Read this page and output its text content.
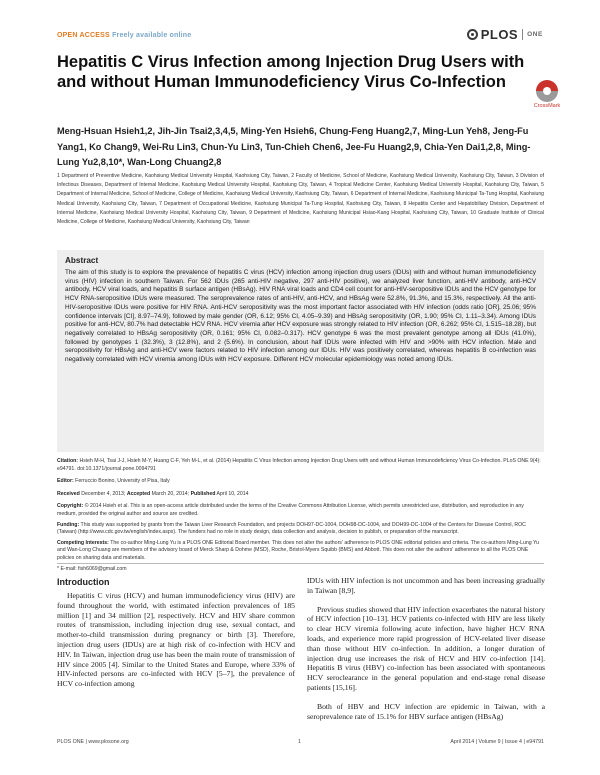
OPEN ACCESS Freely available online	PLOS ONE
Hepatitis C Virus Infection among Injection Drug Users with and without Human Immunodeficiency Virus Co-Infection
CrossMark
Meng-Hsuan Hsieh1,2, Jih-Jin Tsai2,3,4,5, Ming-Yen Hsieh6, Chung-Feng Huang2,7, Ming-Lun Yeh8, Jeng-Fu Yang1, Ko Chang9, Wei-Ru Lin3, Chun-Yu Lin3, Tun-Chieh Chen6, Jee-Fu Huang2,9, Chia-Yen Dai1,2,8, Ming-Lung Yu2,8,10*, Wan-Long Chuang2,8
1 Department of Preventive Medicine, Kaohsiung Medical University Hospital, Kaohsiung City, Taiwan, 2 Faculty of Medicine, School of Medicine, Kaohsiung Medical University, Kaohsiung City, Taiwan, 3 Division of Infectious Diseases, Department of Internal Medicine, Kaohsiung Medical University Hospital, Kaohsiung City, Taiwan, 4 Tropical Medicine Center, Kaohsiung Medical University Hospital, Kaohsiung City, Taiwan, 5 Department of Internal Medicine, School of Medicine, College of Medicine, Kaohsiung Medical University, Kaohsiung City, Taiwan, 6 Department of Internal Medicine, Kaohsiung Municipal Ta-Tung Hospital, Kaohsiung Medical University, Kaohsiung City, Taiwan, 7 Department of Occupational Medicine, Kaohsiung Municipal Ta-Tung Hospital, Kaohsiung City, Taiwan, 8 Hepatitis Center and Hepatobiliary Division, Department of Internal Medicine, Kaohsiung Medical University Hospital, Kaohsiung City, Taiwan, 9 Department of Medicine, Kaohsiung Municipal Hsiao-Kang Hospital, Kaohsiung City, Taiwan, 10 Graduate Institute of Clinical Medicine, College of Medicine, Kaohsiung Medical University, Kaohsiung City, Taiwan
Abstract
The aim of this study is to explore the prevalence of hepatitis C virus (HCV) infection among injection drug users (IDUs) with and without human immunodeficiency virus (HIV) infection in southern Taiwan. For 562 IDUs (265 anti-HIV negative, 297 anti-HIV positive), we analyzed liver function, anti-HIV antibody, anti-HCV antibody, HCV viral loads, and hepatitis B surface antigen (HBsAg). HIV RNA viral loads and CD4 cell count for anti-HIV-seropositive IDUs and the HCV genotype for HCV RNA-seropositive IDUs were measured. The seroprevalence rates of anti-HIV, anti-HCV, and HBsAg were 52.8%, 91.3%, and 15.3%, respectively. All the anti-HIV-seropositive IDUs were positive for HIV RNA. Anti-HCV seropositivity was the most important factor associated with HIV infection (odds ratio [OR], 25.06; 95% confidence intervals [CI], 8.97–74.9), followed by male gender (OR, 6.12; 95% CI, 4.05–9.39) and HBsAg seropositivity (OR, 1.90; 95% CI, 1.11–3.34). Among IDUs positive for anti-HCV, 80.7% had detectable HCV RNA. HCV viremia after HCV exposure was strongly related to HIV infection (OR, 6.262; 95% CI, 1.515–18.28), but negatively correlated to HBsAg seropositivity (OR, 0.161; 95% CI, 0.082–0.317). HCV genotype 6 was the most prevalent genotype among all IDUs (41.0%), followed by genotypes 1 (32.3%), 3 (12.8%), and 2 (5.6%). In conclusion, about half IDUs were infected with HIV and >90% with HCV infection. Male and seropositivity for HBsAg and anti-HCV were factors related to HIV infection among our IDUs. HIV was positively correlated, whereas hepatitis B co-infection was negatively correlated with HCV viremia among IDUs with HCV exposure. Different HCV molecular epidemiology was noted among IDUs.

Citation: Hsieh M-H, Tsai J-J, Hsieh M-Y, Huang C-F, Yeh M-L, et al. (2014) Hepatitis C Virus Infection among Injection Drug Users with and without Human Immunodeficiency Virus Co-Infection. PLoS ONE 9(4): e94791. doi:10.1371/journal.pone.0094791

Editor: Ferruccio Bonino, University of Pisa, Italy

Received December 4, 2013; Accepted March 20, 2014; Published April 10, 2014

Copyright: © 2014 Hsieh et al. This is an open-access article distributed under the terms of the Creative Commons Attribution License, which permits unrestricted use, distribution, and reproduction in any medium, provided the original author and source are credited.

Funding: This study was supported by grants from the Taiwan Liver Research Foundation, and projects DOH97-DC-1004, DOH98-DC-1004, and DOH99-DC-1004 of the Centers for Disease Control, ROC (Taiwan) (http://www.cdc.gov.tw/english/index.aspx). The funders had no role in study design, data collection and analysis, decision to publish, or preparation of the manuscript.

Competing Interests: The co-author Ming-Lung Yu is a PLOS ONE Editorial Board member. This does not alter the authors' adherence to PLOS ONE editorial policies and criteria. The co-authors Ming-Lung Yu and Wan-Long Chuang are members of the advisory board of Merck Sharp & Dohme (MSD), Roche, Bristol-Myers Squibb (BMS) and Abbott. This does not alter the authors' adherence to all the PLOS ONE policies on sharing data and materials.

* E-mail: fish6069@gmail.com

Introduction

Hepatitis C virus (HCV) and human immunodeficiency virus (HIV) are found throughout the world, with estimated infection prevalences of 185 million [1] and 34 million [2], respectively. HCV and HIV share common routes of transmission, including injection drug use, sexual contact, and mother-to-child transmission during pregnancy or birth [3]. Therefore, injection drug users (IDUs) are at high risk of co-infection with HCV and HIV. In Taiwan, injection drug use has been the main route of transmission of HIV since 2005 [4]. Similar to the United States and Europe, where 33% of HIV-infected persons are co-infected with HCV [5–7], the prevalence of HCV co-infection among

IDUs with HIV infection is not uncommon and has been increasing gradually in Taiwan [8,9].

Previous studies showed that HIV infection exacerbates the natural history of HCV infection [10–13]. HCV patients co-infected with HIV are less likely to clear HCV viremia following acute infection, have higher HCV RNA loads, and experience more rapid progression of HCV-related liver disease than those without HIV co-infection. In addition, a longer duration of injection drug use increases the risk of HCV and HIV co-infection [14]. Hepatitis B virus (HBV) co-infection has been associated with spontaneous HCV seroclearance in the general population and end-stage renal disease patients [15,16].

Both of HBV and HCV infection are epidemic in Taiwan, with a seroprevalence rate of 15.1% for HBV surface antigen (HBsAg)

PLOS ONE | www.plosone.org	1	April 2014 | Volume 9 | Issue 4 | e94791
